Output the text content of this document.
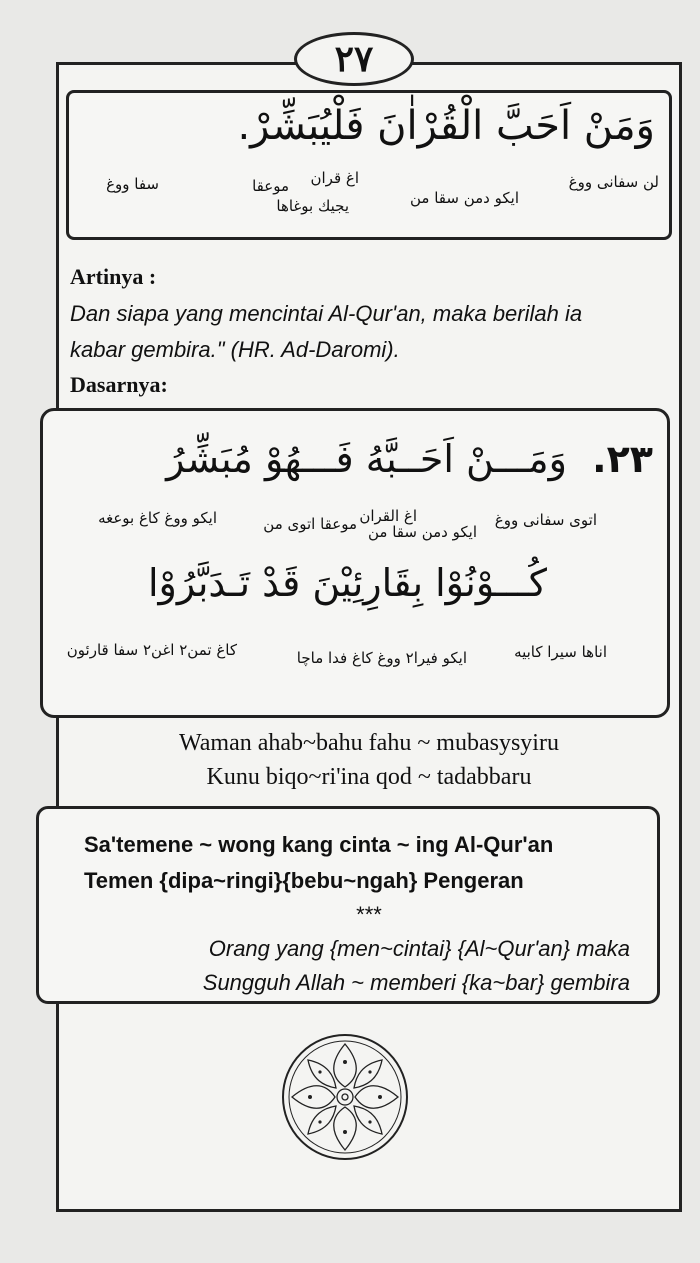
٢٧
وَمَنْ اَحَبَّ الْقُرْاٰنَ فَلْيُبَشِّرْ.
لن سفانى ووغ
ايكو دمن سقا من
اغ قران
موعقا
يجيك بوغاها
سفا ووغ
Artinya :
Dan siapa yang mencintai Al-Qur'an, maka berilah ia
kabar gembira." (HR. Ad-Daromi).
Dasarnya:
٢٣.
وَمَـــنْ اَحَــبَّهُ فَـــهُوْ مُبَشِّرُ
اتوى سفانى ووغ
ايكو دمن سقا من
اغ القران
موعقا اتوى من
ايكو ووغ كاغ بوعغه
كُـــوْنُوْا بِقَارِئِيْنَ قَدْ تَـدَبَّرُوْا
اناها سيرا كابيه
ايكو فيرا٢ ووغ كاغ فدا ماچا
كاغ تمن٢ اغن٢ سفا قارئون
Waman ahab~bahu fahu ~ mubasysyiru
Kunu biqo~ri'ina qod ~ tadabbaru
Sa'temene ~ wong kang cinta ~ ing Al-Qur'an
Temen {dipa~ringi}{bebu~ngah} Pengeran
***
Orang yang {men~cintai} {Al~Qur'an} maka
Sungguh Allah ~ memberi {ka~bar} gembira
